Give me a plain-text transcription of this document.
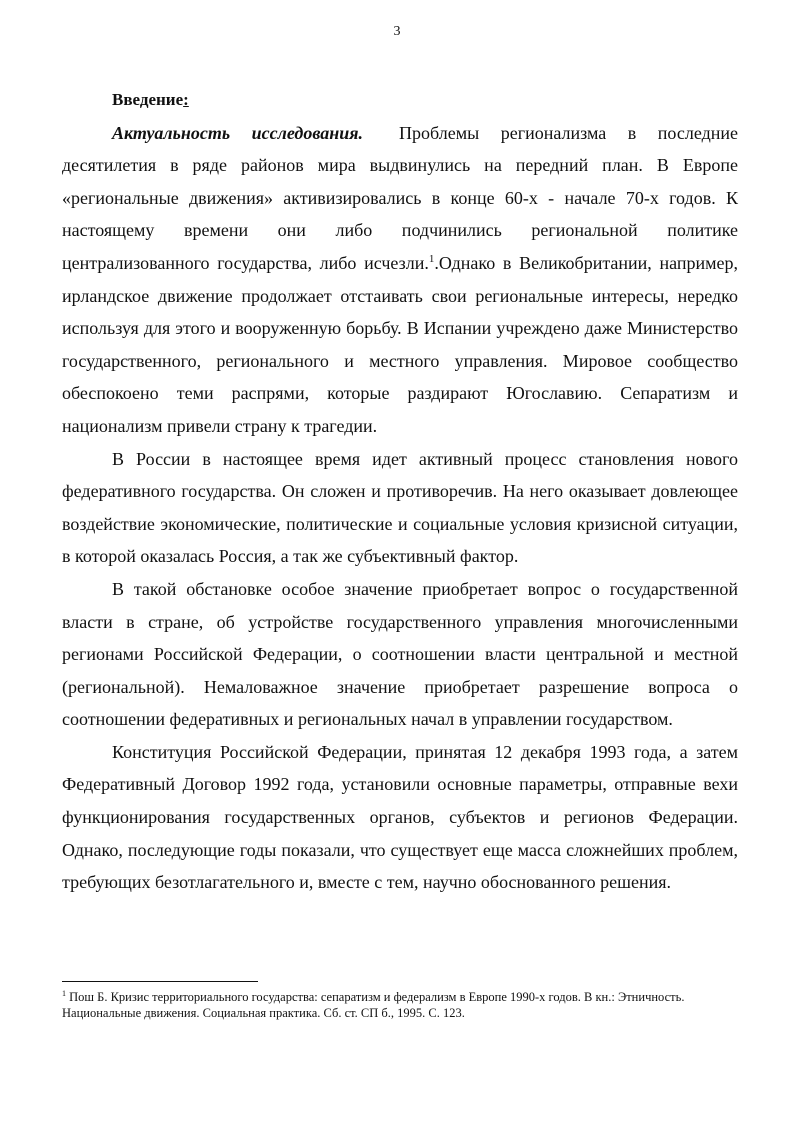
3

Введение:

Актуальность исследования. Проблемы регионализма в последние десятилетия в ряде районов мира выдвинулись на передний план. В Европе «региональные движения» активизировались в конце 60-х - начале 70-х годов. К настоящему времени они либо подчинились региональной политике централизованного государства, либо исчезли.$^1$.Однако в Великобритании, например, ирландское движение продолжает отстаивать свои региональные интересы, нередко используя для этого и вооруженную борьбу. В Испании учреждено даже Министерство государственного, регионального и местного управления. Мировое сообщество обеспокоено теми распрями, которые раздирают Югославию. Сепаратизм и национализм привели страну к трагедии.

В России в настоящее время идет активный процесс становления нового федеративного государства. Он сложен и противоречив. На него оказывает довлеющее воздействие экономические, политические и социальные условия кризисной ситуации, в которой оказалась Россия, а так же субъективный фактор.

В такой обстановке особое значение приобретает вопрос о государственной власти в стране, об устройстве государственного управления многочисленными регионами Российской Федерации, о соотношении власти центральной и местной (региональной). Немаловажное значение приобретает разрешение вопроса о соотношении федеративных и региональных начал в управлении государством.

Конституция Российской Федерации, принятая 12 декабря 1993 года, а затем Федеративный Договор 1992 года, установили основные параметры, отправные вехи функционирования государственных органов, субъектов и регионов Федерации. Однако, последующие годы показали, что существует еще масса сложнейших проблем, требующих безотлагательного и, вместе с тем, научно обоснованного решения.

$^1$ Пош Б. Кризис территориального государства: сепаратизм и федерализм в Европе 1990-х годов. В кн.: Этничность. Национальные движения. Социальная практика. Сб. ст. СП б., 1995. С. 123.
